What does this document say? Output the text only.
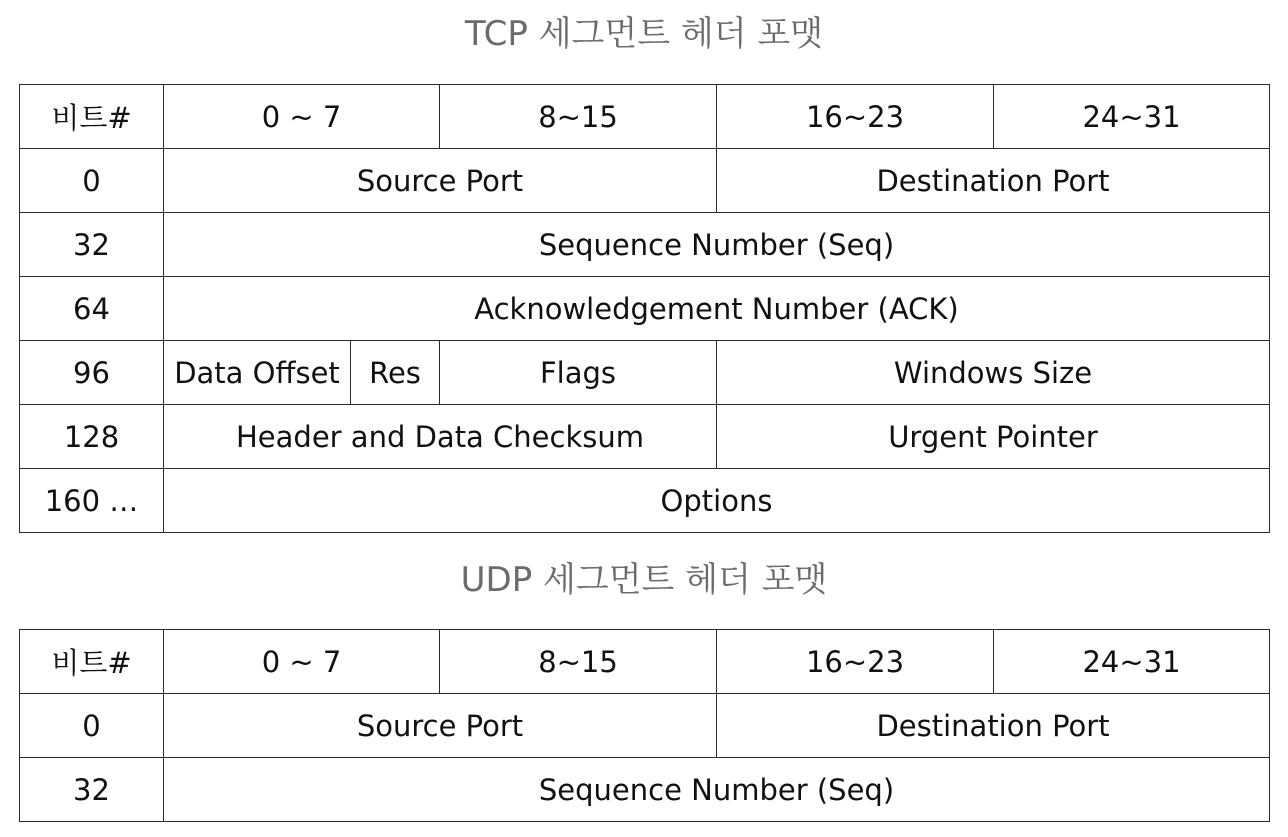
TCP 세그먼트 헤더 포맷
비트#	0 ~ 7		8~15	16~23	24~31
0	Source Port			Destination Port	
32	Sequence Number (Seq)				
64	Acknowledgement Number (ACK)				
96	Data Offset	Res	Flags	Windows Size	
128	Header and Data Checksum			Urgent Pointer	
160 …	Options				
UDP 세그먼트 헤더 포맷
비트#	0 ~ 7	8~15	16~23	24~31
0	Source Port		Destination Port	
32	Sequence Number (Seq)			
